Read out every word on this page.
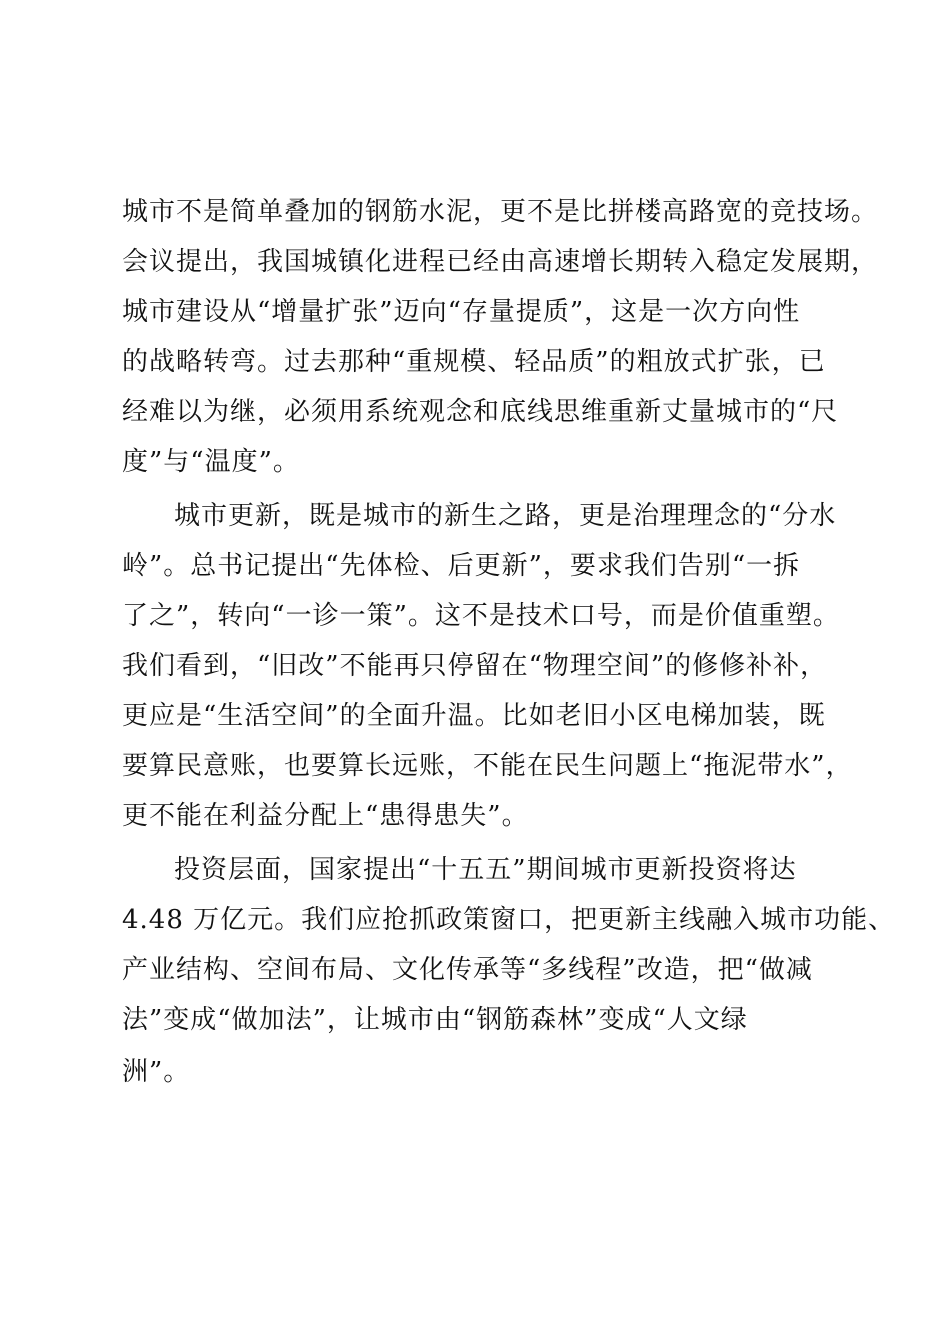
城市不是简单叠加的钢筋水泥，更不是比拼楼高路宽的竞技场。
会议提出，我国城镇化进程已经由高速增长期转入稳定发展期，
城市建设从“增量扩张”迈向“存量提质”，这是一次方向性
的战略转弯。过去那种“重规模、轻品质”的粗放式扩张，已
经难以为继，必须用系统观念和底线思维重新丈量城市的“尺
度”与“温度”。
城市更新，既是城市的新生之路，更是治理理念的“分水
岭”。总书记提出“先体检、后更新”，要求我们告别“一拆
了之”，转向“一诊一策”。这不是技术口号，而是价值重塑。
我们看到，“旧改”不能再只停留在“物理空间”的修修补补，
更应是“生活空间”的全面升温。比如老旧小区电梯加装，既
要算民意账，也要算长远账，不能在民生问题上“拖泥带水”，
更不能在利益分配上“患得患失”。
投资层面，国家提出“十五五”期间城市更新投资将达
4.48 万亿元。我们应抢抓政策窗口，把更新主线融入城市功能、
产业结构、空间布局、文化传承等“多线程”改造，把“做减
法”变成“做加法”，让城市由“钢筋森林”变成“人文绿
洲”。
